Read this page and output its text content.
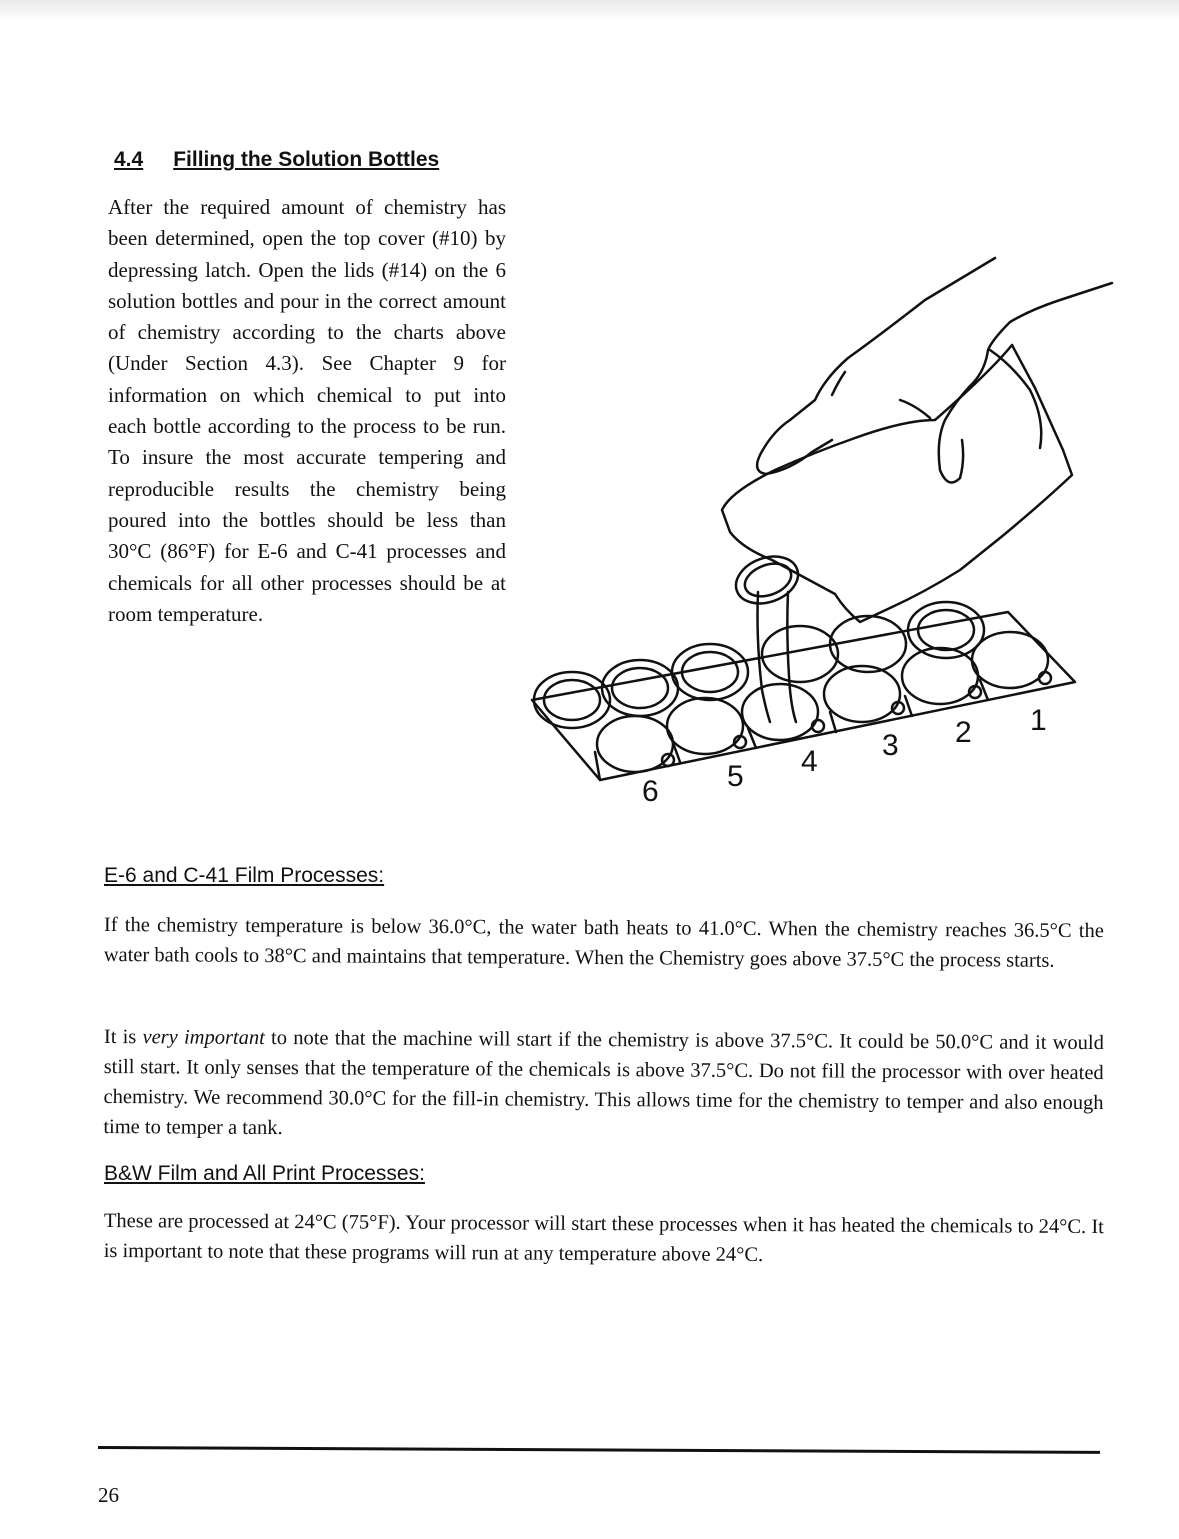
4.4 Filling the Solution Bottles

After the required amount of chemistry has been determined, open the top cover (#10) by depressing latch. Open the lids (#14) on the 6 solution bottles and pour in the correct amount of chemistry according to the charts above (Under Section 4.3). See Chapter 9 for information on which chemical to put into each bottle according to the process to be run. To insure the most accurate tempering and reproducible results the chemistry being poured into the bottles should be less than 30°C (86°F) for E-6 and C-41 processes and chemicals for all other processes should be at room temperature.

1
2
3
4
5
6
E-6 and C-41 Film Processes:

If the chemistry temperature is below 36.0°C, the water bath heats to 41.0°C. When the chemistry reaches 36.5°C the water bath cools to 38°C and maintains that temperature. When the Chemistry goes above 37.5°C the process starts.

It is very important to note that the machine will start if the chemistry is above 37.5°C. It could be 50.0°C and it would still start. It only senses that the temperature of the chemicals is above 37.5°C. Do not fill the processor with over heated chemistry. We recommend 30.0°C for the fill-in chemistry. This allows time for the chemistry to temper and also enough time to temper a tank.

B&W Film and All Print Processes:

These are processed at 24°C (75°F). Your processor will start these processes when it has heated the chemicals to 24°C. It is important to note that these programs will run at any temperature above 24°C.

26
